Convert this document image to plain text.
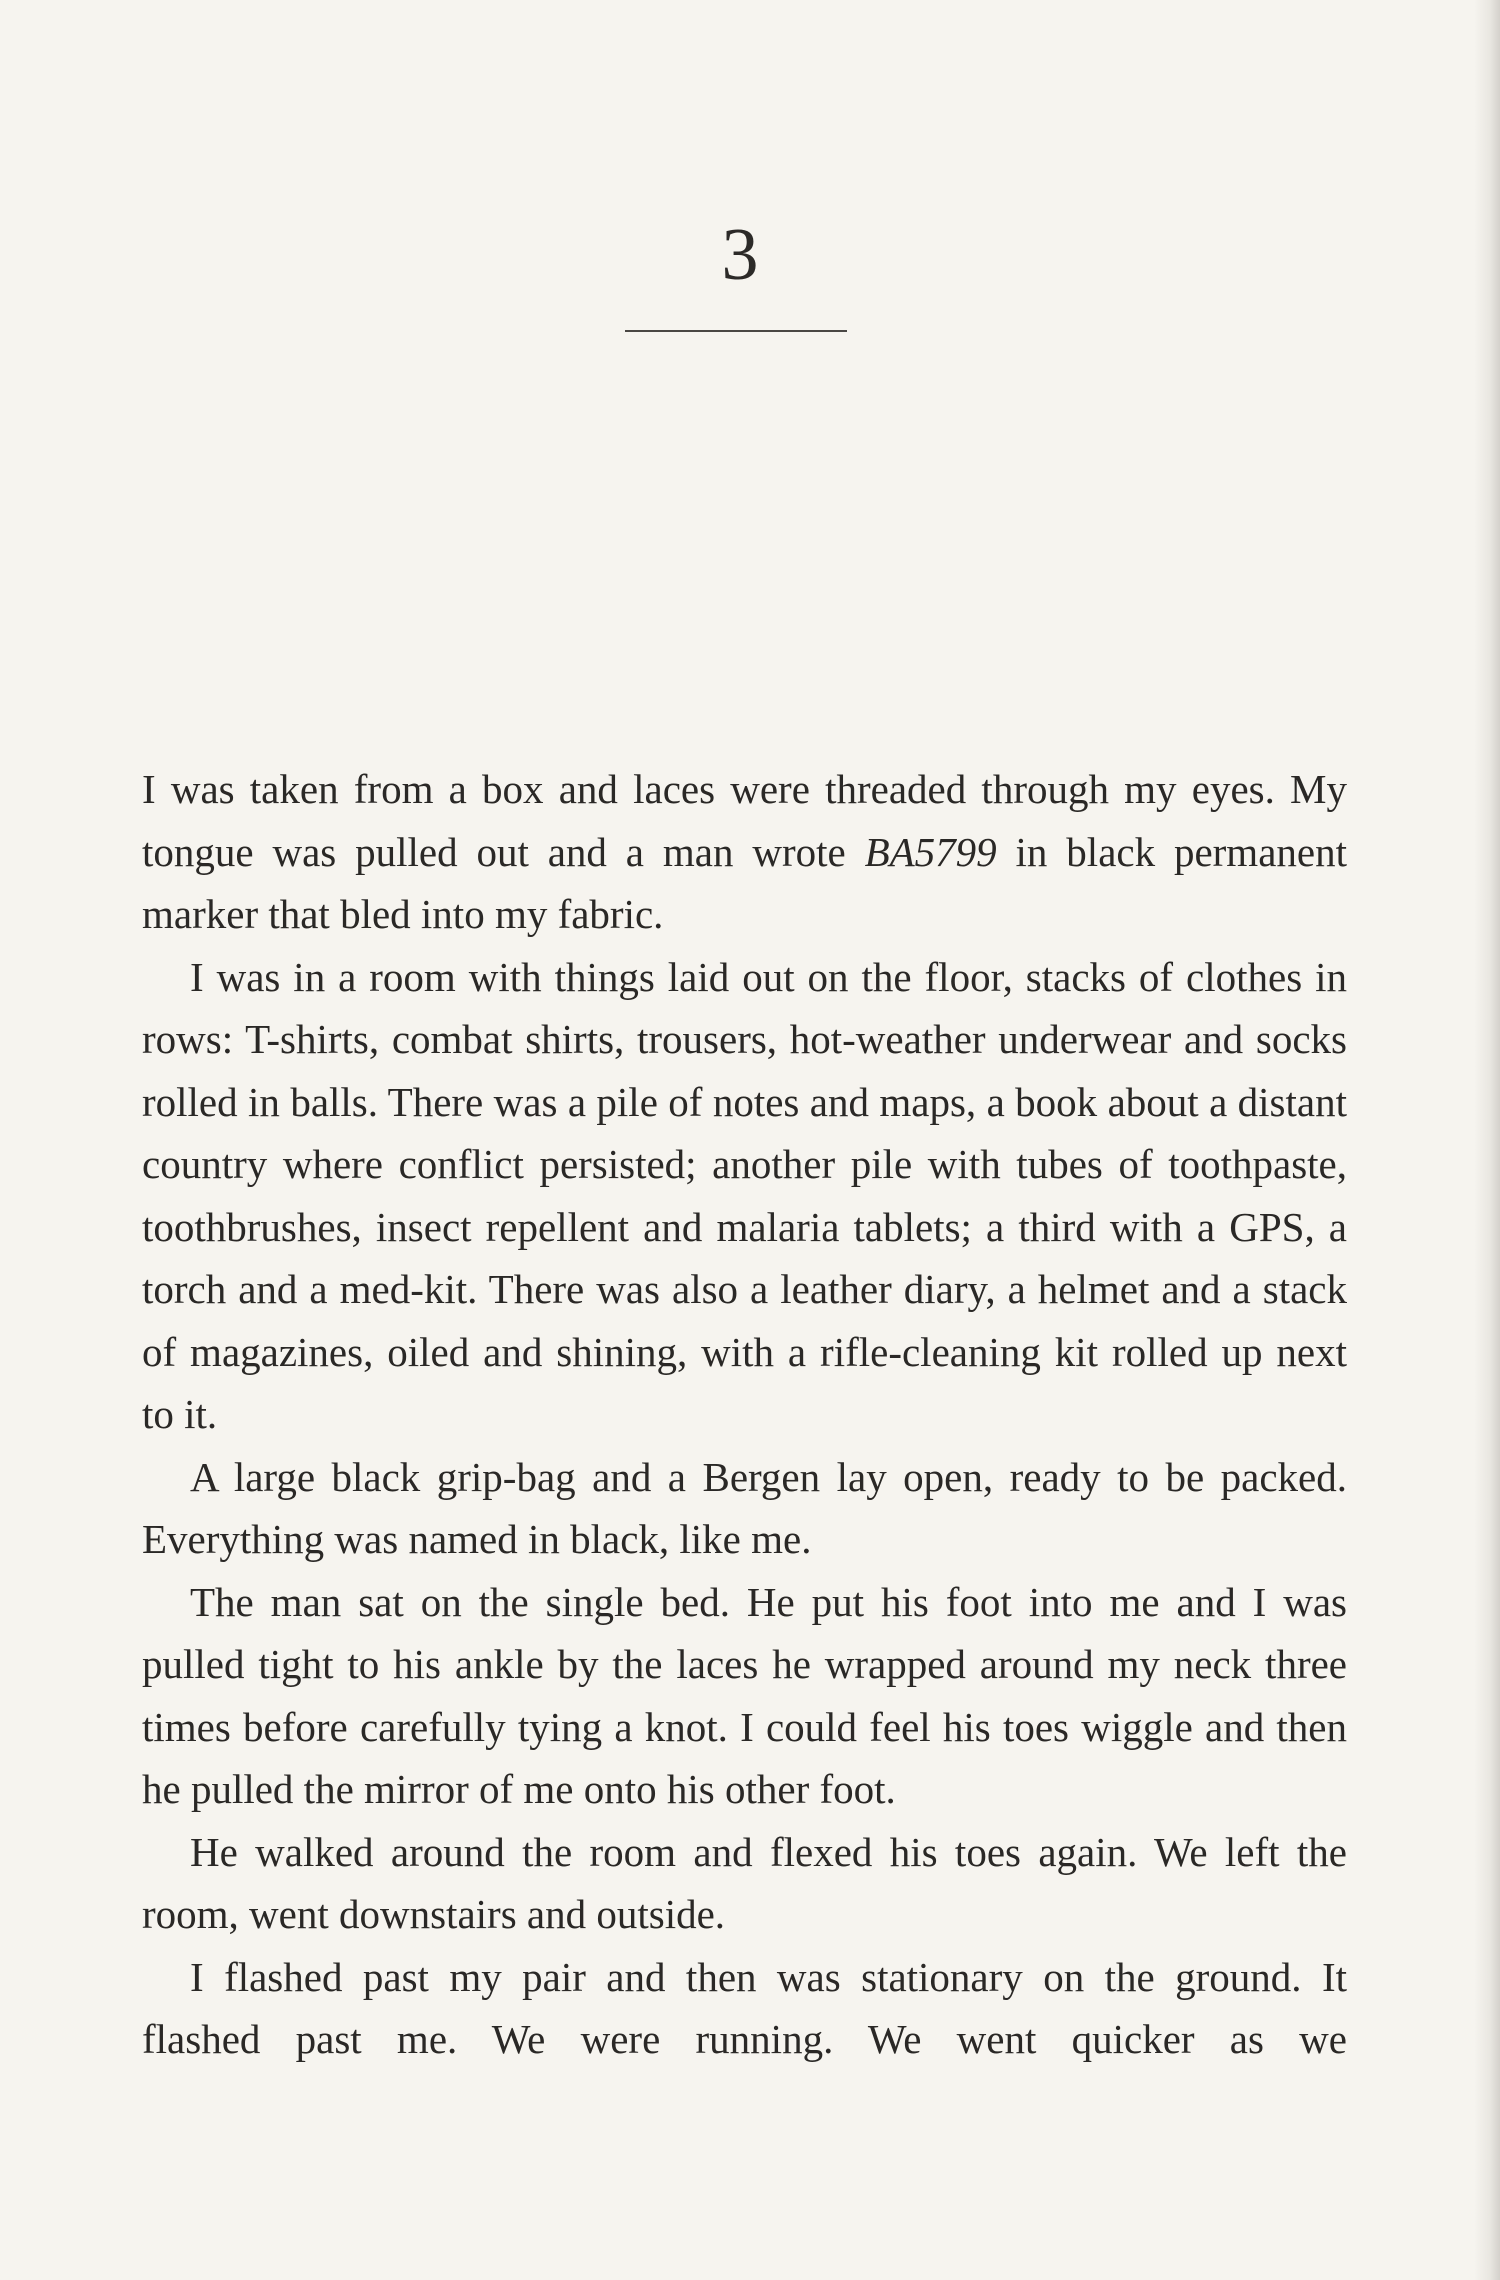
3

I was taken from a box and laces were threaded through my eyes. My tongue was pulled out and a man wrote BA5799 in black permanent marker that bled into my fabric.

I was in a room with things laid out on the floor, stacks of clothes in rows: T-shirts, combat shirts, trousers, hot-weather underwear and socks rolled in balls. There was a pile of notes and maps, a book about a distant country where conflict persisted; another pile with tubes of toothpaste, toothbrushes, insect repellent and malaria tablets; a third with a GPS, a torch and a med-kit. There was also a leather diary, a helmet and a stack of magazines, oiled and shining, with a rifle-cleaning kit rolled up next to it.

A large black grip-bag and a Bergen lay open, ready to be packed. Everything was named in black, like me.

The man sat on the single bed. He put his foot into me and I was pulled tight to his ankle by the laces he wrapped around my neck three times before carefully tying a knot. I could feel his toes wiggle and then he pulled the mirror of me onto his other foot.

He walked around the room and flexed his toes again. We left the room, went downstairs and outside.

I flashed past my pair and then was stationary on the ground. It flashed past me. We were running. We went quicker as we
